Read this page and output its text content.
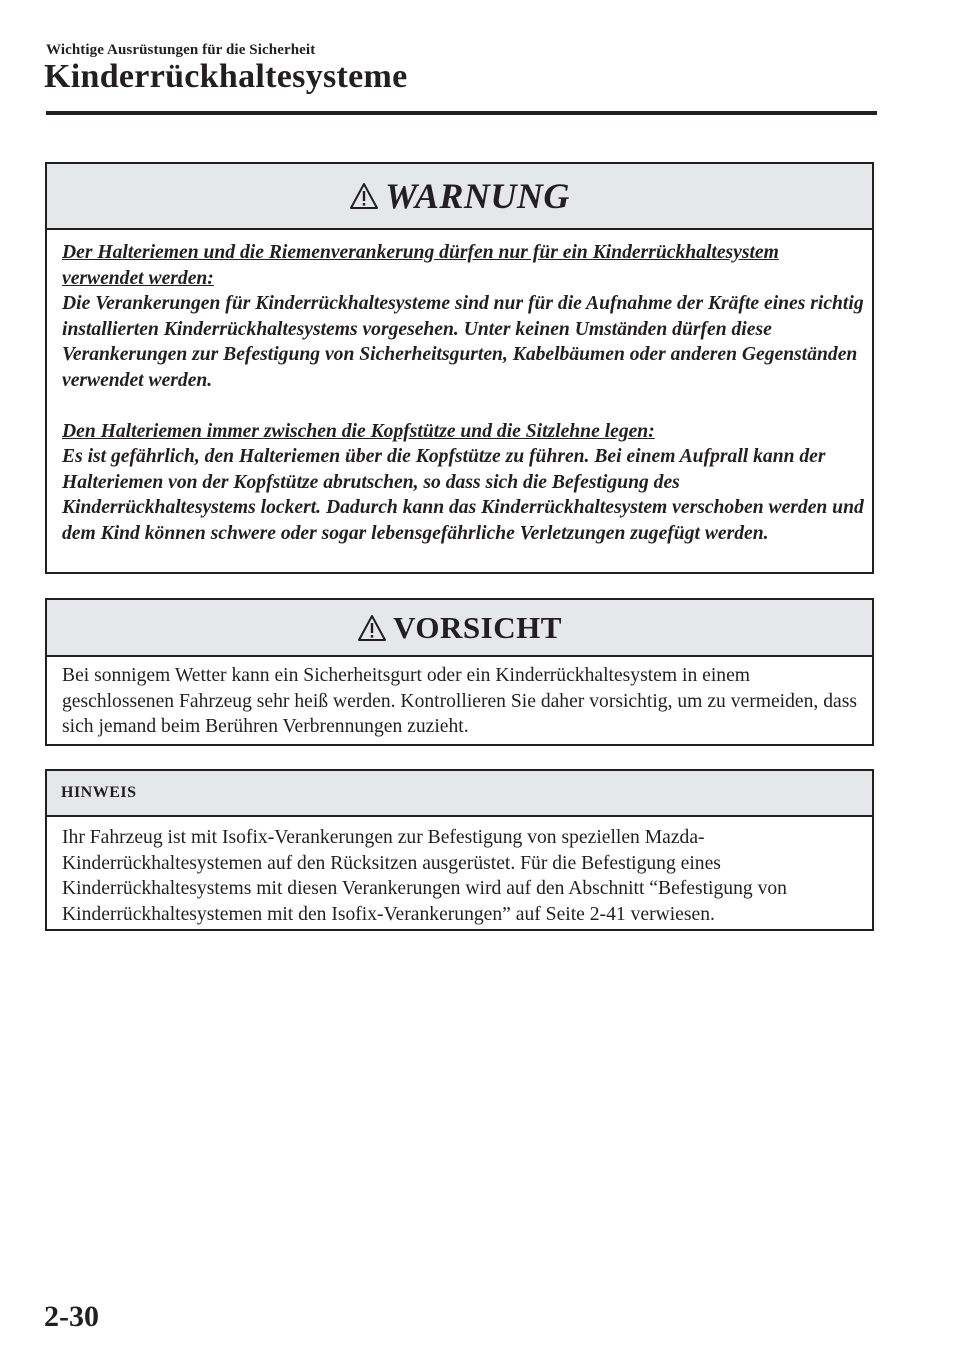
Wichtige Ausrüstungen für die Sicherheit
Kinderrückhaltesysteme
WARNUNG

Der Halteriemen und die Riemenverankerung dürfen nur für ein Kinderrückhaltesystem verwendet werden:
Die Verankerungen für Kinderrückhaltesysteme sind nur für die Aufnahme der Kräfte eines richtig installierten Kinderrückhaltesystems vorgesehen. Unter keinen Umständen dürfen diese Verankerungen zur Befestigung von Sicherheitsgurten, Kabelbäumen oder anderen Gegenständen verwendet werden.

Den Halteriemen immer zwischen die Kopfstütze und die Sitzlehne legen:
Es ist gefährlich, den Halteriemen über die Kopfstütze zu führen. Bei einem Aufprall kann der Halteriemen von der Kopfstütze abrutschen, so dass sich die Befestigung des Kinderrückhaltesystems lockert. Dadurch kann das Kinderrückhaltesystem verschoben werden und dem Kind können schwere oder sogar lebensgefährliche Verletzungen zugefügt werden.

VORSICHT
Bei sonnigem Wetter kann ein Sicherheitsgurt oder ein Kinderrückhaltesystem in einem geschlossenen Fahrzeug sehr heiß werden. Kontrollieren Sie daher vorsichtig, um zu vermeiden, dass sich jemand beim Berühren Verbrennungen zuzieht.
HINWEIS
Ihr Fahrzeug ist mit Isofix-Verankerungen zur Befestigung von speziellen Mazda-Kinderrückhaltesystemen auf den Rücksitzen ausgerüstet. Für die Befestigung eines Kinderrückhaltesystems mit diesen Verankerungen wird auf den Abschnitt “Befestigung von Kinderrückhaltesystemen mit den Isofix-Verankerungen” auf Seite 2-41 verwiesen.
2-30
